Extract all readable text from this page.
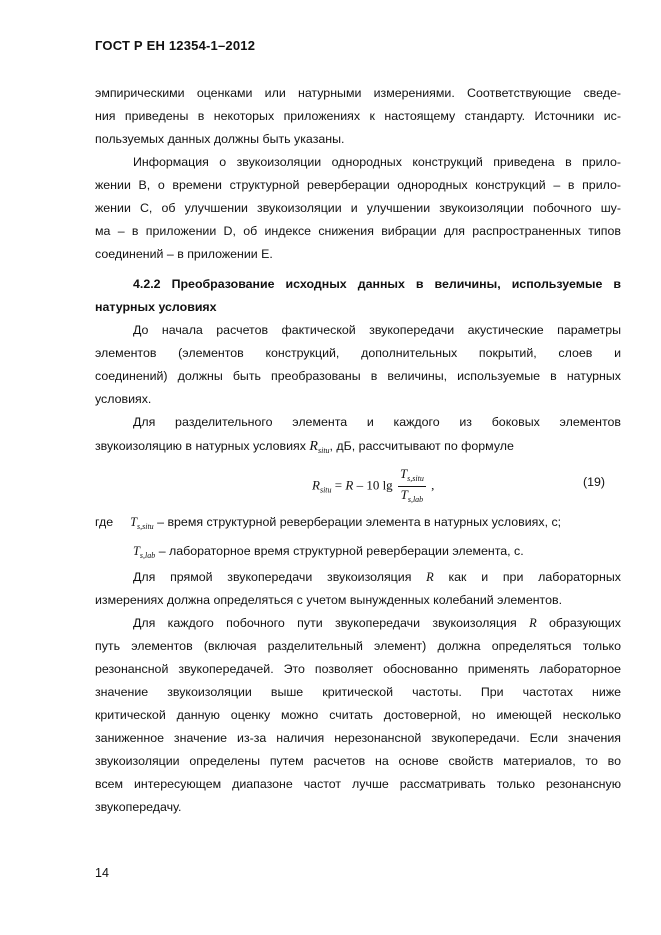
ГОСТ Р ЕН 12354-1–2012
эмпирическими оценками или натурными измерениями. Соответствующие сведе-
ния приведены в некоторых приложениях к настоящему стандарту. Источники ис-
пользуемых данных должны быть указаны.
Информация о звукоизоляции однородных конструкций приведена в прило-
жении В, о времени структурной реверберации однородных конструкций – в прило-
жении С, об улучшении звукоизоляции и улучшении звукоизоляции побочного шу-
ма – в приложении D, об индексе снижения вибрации для распространенных типов
соединений – в приложении Е.
4.2.2 Преобразование исходных данных в величины, используемые в
натурных условиях
До начала расчетов фактической звукопередачи акустические параметры
элементов (элементов конструкций, дополнительных покрытий, слоев и
соединений) должны быть преобразованы в величины, используемые в натурных
условиях.
Для разделительного элемента и каждого из боковых элементов
звукоизоляцию в натурных условиях $R_{situ}$, дБ, рассчитывают по формуле
$R_{situ} = R - 10$ $\lg \frac{T_{s,situ}}{T_{s,lab}}$ ,	(19)
где $T_{s,situ}$ – время структурной реверберации элемента в натурных условиях, с;
$T_{s,lab}$ – лабораторное время структурной реверберации элемента, с.
Для прямой звукопередачи звукоизоляция R как и при лабораторных
измерениях должна определяться с учетом вынужденных колебаний элементов.
Для каждого побочного пути звукопередачи звукоизоляция R образующих
путь элементов (включая разделительный элемент) должна определяться только
резонансной звукопередачей. Это позволяет обоснованно применять лабораторное
значение звукоизоляции выше критической частоты. При частотах ниже
критической данную оценку можно считать достоверной, но имеющей несколько
заниженное значение из-за наличия нерезонансной звукопередачи. Если значения
звукоизоляции определены путем расчетов на основе свойств материалов, то во
всем интересующем диапазоне частот лучше рассматривать только резонансную
звукопередачу.
14
